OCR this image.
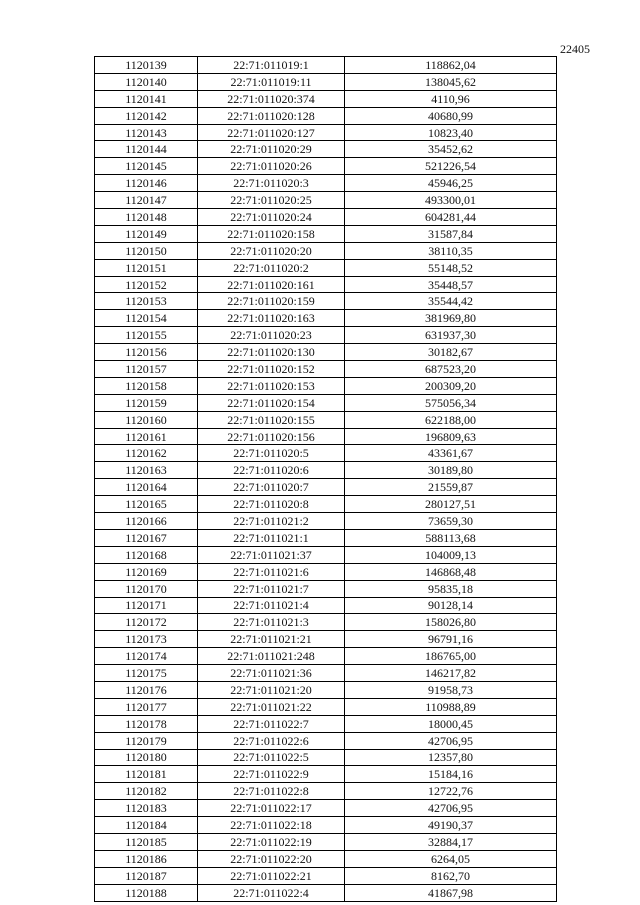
22405
1120139	22:71:011019:1	118862,04
1120140	22:71:011019:11	138045,62
1120141	22:71:011020:374	4110,96
1120142	22:71:011020:128	40680,99
1120143	22:71:011020:127	10823,40
1120144	22:71:011020:29	35452,62
1120145	22:71:011020:26	521226,54
1120146	22:71:011020:3	45946,25
1120147	22:71:011020:25	493300,01
1120148	22:71:011020:24	604281,44
1120149	22:71:011020:158	31587,84
1120150	22:71:011020:20	38110,35
1120151	22:71:011020:2	55148,52
1120152	22:71:011020:161	35448,57
1120153	22:71:011020:159	35544,42
1120154	22:71:011020:163	381969,80
1120155	22:71:011020:23	631937,30
1120156	22:71:011020:130	30182,67
1120157	22:71:011020:152	687523,20
1120158	22:71:011020:153	200309,20
1120159	22:71:011020:154	575056,34
1120160	22:71:011020:155	622188,00
1120161	22:71:011020:156	196809,63
1120162	22:71:011020:5	43361,67
1120163	22:71:011020:6	30189,80
1120164	22:71:011020:7	21559,87
1120165	22:71:011020:8	280127,51
1120166	22:71:011021:2	73659,30
1120167	22:71:011021:1	588113,68
1120168	22:71:011021:37	104009,13
1120169	22:71:011021:6	146868,48
1120170	22:71:011021:7	95835,18
1120171	22:71:011021:4	90128,14
1120172	22:71:011021:3	158026,80
1120173	22:71:011021:21	96791,16
1120174	22:71:011021:248	186765,00
1120175	22:71:011021:36	146217,82
1120176	22:71:011021:20	91958,73
1120177	22:71:011021:22	110988,89
1120178	22:71:011022:7	18000,45
1120179	22:71:011022:6	42706,95
1120180	22:71:011022:5	12357,80
1120181	22:71:011022:9	15184,16
1120182	22:71:011022:8	12722,76
1120183	22:71:011022:17	42706,95
1120184	22:71:011022:18	49190,37
1120185	22:71:011022:19	32884,17
1120186	22:71:011022:20	6264,05
1120187	22:71:011022:21	8162,70
1120188	22:71:011022:4	41867,98
